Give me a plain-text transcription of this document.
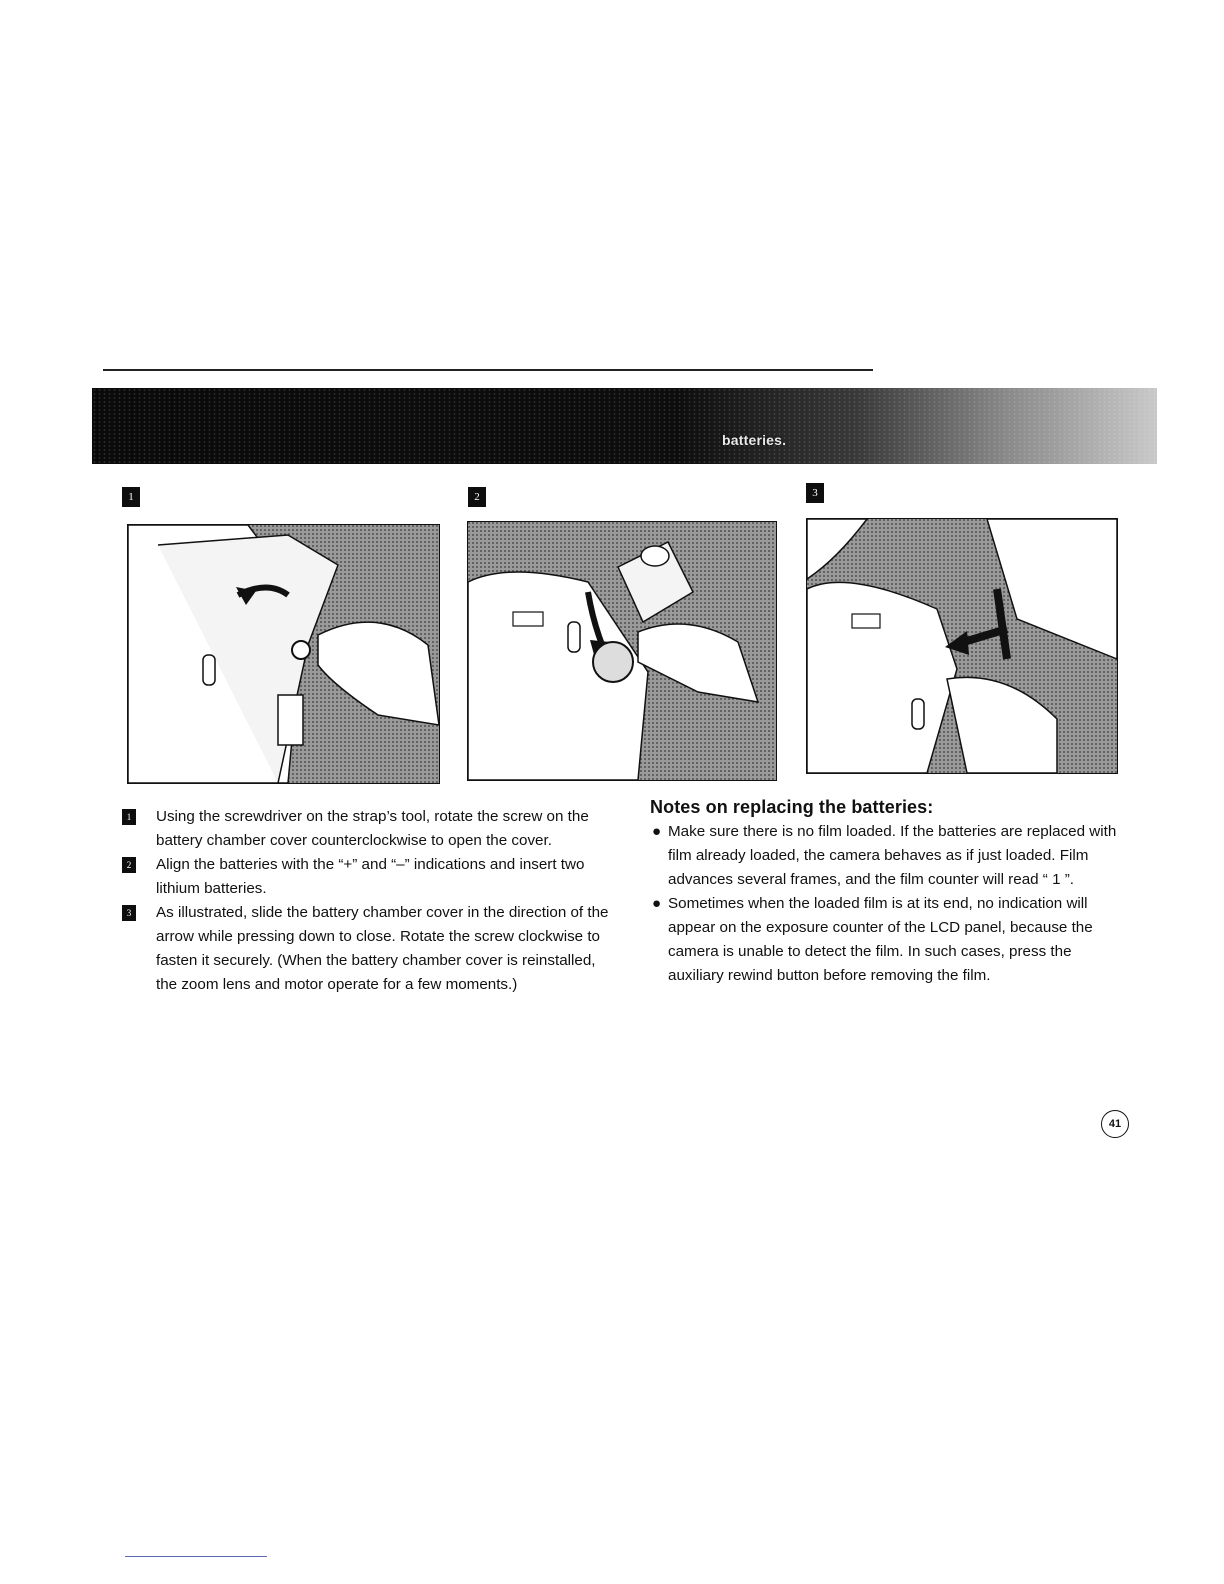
batteries.
1	2	3

1	Using the screwdriver on the strap’s tool, rotate the screw on the battery chamber cover counterclockwise to open the cover.

2	Align the batteries with the “+” and “–” indications and insert two lithium batteries.

3	As illustrated, slide the battery chamber cover in the direction of the arrow while pressing down to close. Rotate the screw clockwise to fasten it securely. (When the battery chamber cover is reinstalled, the zoom lens and motor operate for a few moments.)

Notes on replacing the batteries:
● Make sure there is no film loaded. If the batteries are replaced with film already loaded, the camera behaves as if just loaded. Film advances several frames, and the film counter will read “ 1 ”.
● Sometimes when the loaded film is at its end, no indication will appear on the exposure counter of the LCD panel, because the camera is unable to detect the film. In such cases, press the auxiliary rewind button before removing the film.
41
